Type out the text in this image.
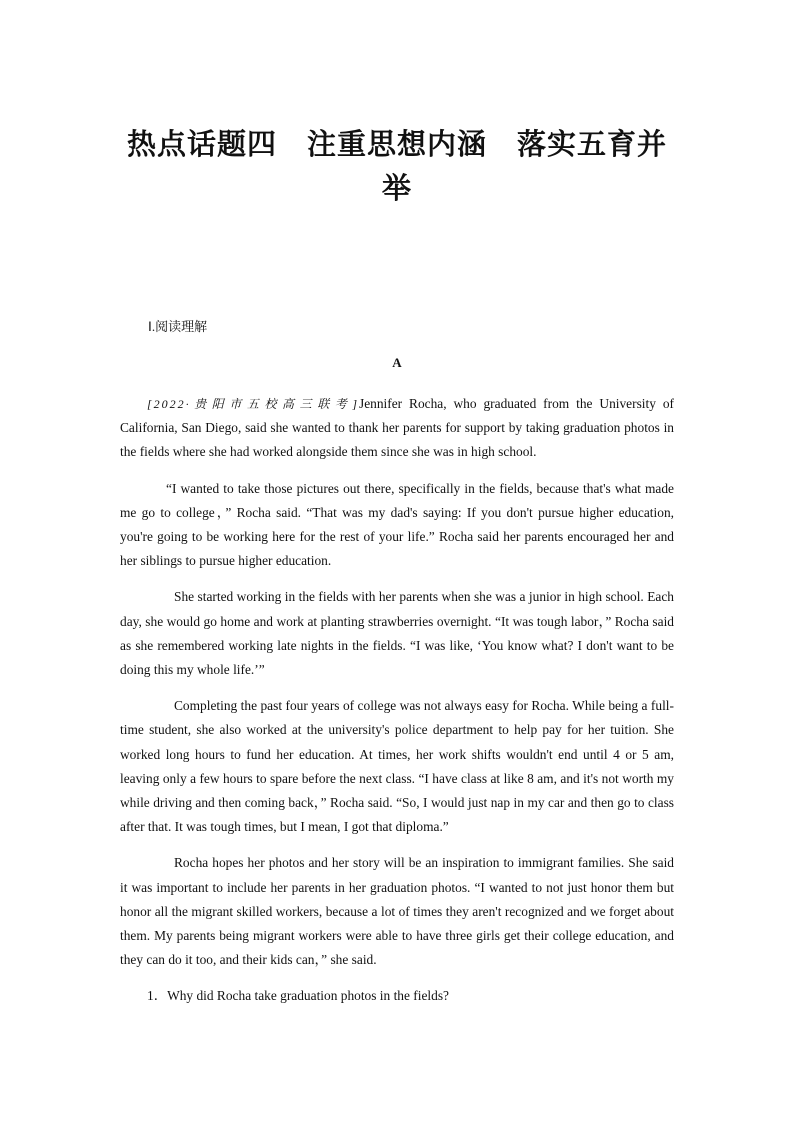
热点话题四　注重思想内涵　落实五育并举
Ⅰ.阅读理解
A

[2022·贵阳市五校高三联考]Jennifer Rocha, who graduated from the University of California, San Diego, said she wanted to thank her parents for support by taking graduation photos in the fields where she had worked alongside them since she was in high school.

“I wanted to take those pictures out there, specifically in the fields, because that's what made me go to college，” Rocha said. “That was my dad's saying: If you don't pursue higher education, you're going to be working here for the rest of your life.” Rocha said her parents encouraged her and her siblings to pursue higher education.

She started working in the fields with her parents when she was a junior in high school. Each day, she would go home and work at planting strawberries overnight. “It was tough labor，” Rocha said as she remembered working late nights in the fields. “I was like, ‘You know what? I don't want to be doing this my whole life.’”

Completing the past four years of college was not always easy for Rocha. While being a full-time student, she also worked at the university's police department to help pay for her tuition. She worked long hours to fund her education. At times, her work shifts wouldn't end until 4 or 5 am, leaving only a few hours to spare before the next class. “I have class at like 8 am, and it's not worth my while driving and then coming back，” Rocha said. “So, I would just nap in my car and then go to class after that. It was tough times, but I mean, I got that diploma.”

Rocha hopes her photos and her story will be an inspiration to immigrant families. She said it was important to include her parents in her graduation photos. “I wanted to not just honor them but honor all the migrant skilled workers, because a lot of times they aren't recognized and we forget about them. My parents being migrant workers were able to have three girls get their college education, and they can do it too, and their kids can，” she said.

1．Why did Rocha take graduation photos in the fields?
